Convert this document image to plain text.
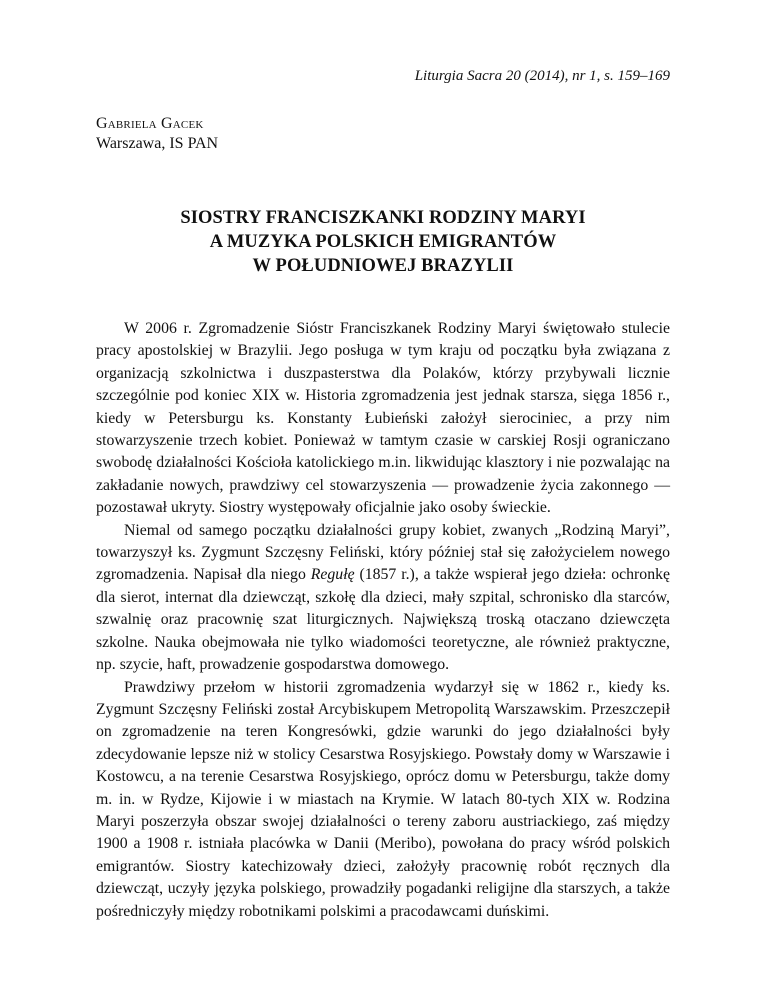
Liturgia Sacra 20 (2014), nr 1, s. 159–169
Gabriela Gacek
Warszawa, IS PAN
SIOSTRY FRANCISZKANKI RODZINY MARYI
A MUZYKA POLSKICH EMIGRANTÓW
W POŁUDNIOWEJ BRAZYLII

W 2006 r. Zgromadzenie Sióstr Franciszkanek Rodziny Maryi świętowało stulecie pracy apostolskiej w Brazylii. Jego posługa w tym kraju od początku była związana z organizacją szkolnictwa i duszpasterstwa dla Polaków, którzy przybywali licznie szczególnie pod koniec XIX w. Historia zgromadzenia jest jednak starsza, sięga 1856 r., kiedy w Petersburgu ks. Konstanty Łubieński założył sierociniec, a przy nim stowarzyszenie trzech kobiet. Ponieważ w tamtym czasie w carskiej Rosji ograniczano swobodę działalności Kościoła katolickiego m.in. likwidując klasztory i nie pozwalając na zakładanie nowych, prawdziwy cel stowarzyszenia — prowadzenie życia zakonnego — pozostawał ukryty. Siostry występowały oficjalnie jako osoby świeckie.

Niemal od samego początku działalności grupy kobiet, zwanych „Rodziną Maryi”, towarzyszył ks. Zygmunt Szczęsny Feliński, który później stał się założycielem nowego zgromadzenia. Napisał dla niego Regułę (1857 r.), a także wspierał jego dzieła: ochronkę dla sierot, internat dla dziewcząt, szkołę dla dzieci, mały szpital, schronisko dla starców, szwalnię oraz pracownię szat liturgicznych. Największą troską otaczano dziewczęta szkolne. Nauka obejmowała nie tylko wiadomości teoretyczne, ale również praktyczne, np. szycie, haft, prowadzenie gospodarstwa domowego.

Prawdziwy przełom w historii zgromadzenia wydarzył się w 1862 r., kiedy ks. Zygmunt Szczęsny Feliński został Arcybiskupem Metropolitą Warszawskim. Przeszczepił on zgromadzenie na teren Kongresówki, gdzie warunki do jego działalności były zdecydowanie lepsze niż w stolicy Cesarstwa Rosyjskiego. Powstały domy w Warszawie i Kostowcu, a na terenie Cesarstwa Rosyjskiego, oprócz domu w Petersburgu, także domy m. in. w Rydze, Kijowie i w miastach na Krymie. W latach 80-tych XIX w. Rodzina Maryi poszerzyła obszar swojej działalności o tereny zaboru austriackiego, zaś między 1900 a 1908 r. istniała placówka w Danii (Meribo), powołana do pracy wśród polskich emigrantów. Siostry katechizowały dzieci, założyły pracownię robót ręcznych dla dziewcząt, uczyły języka polskiego, prowadziły pogadanki religijne dla starszych, a także pośredniczyły między robotnikami polskimi a pracodawcami duńskimi.
